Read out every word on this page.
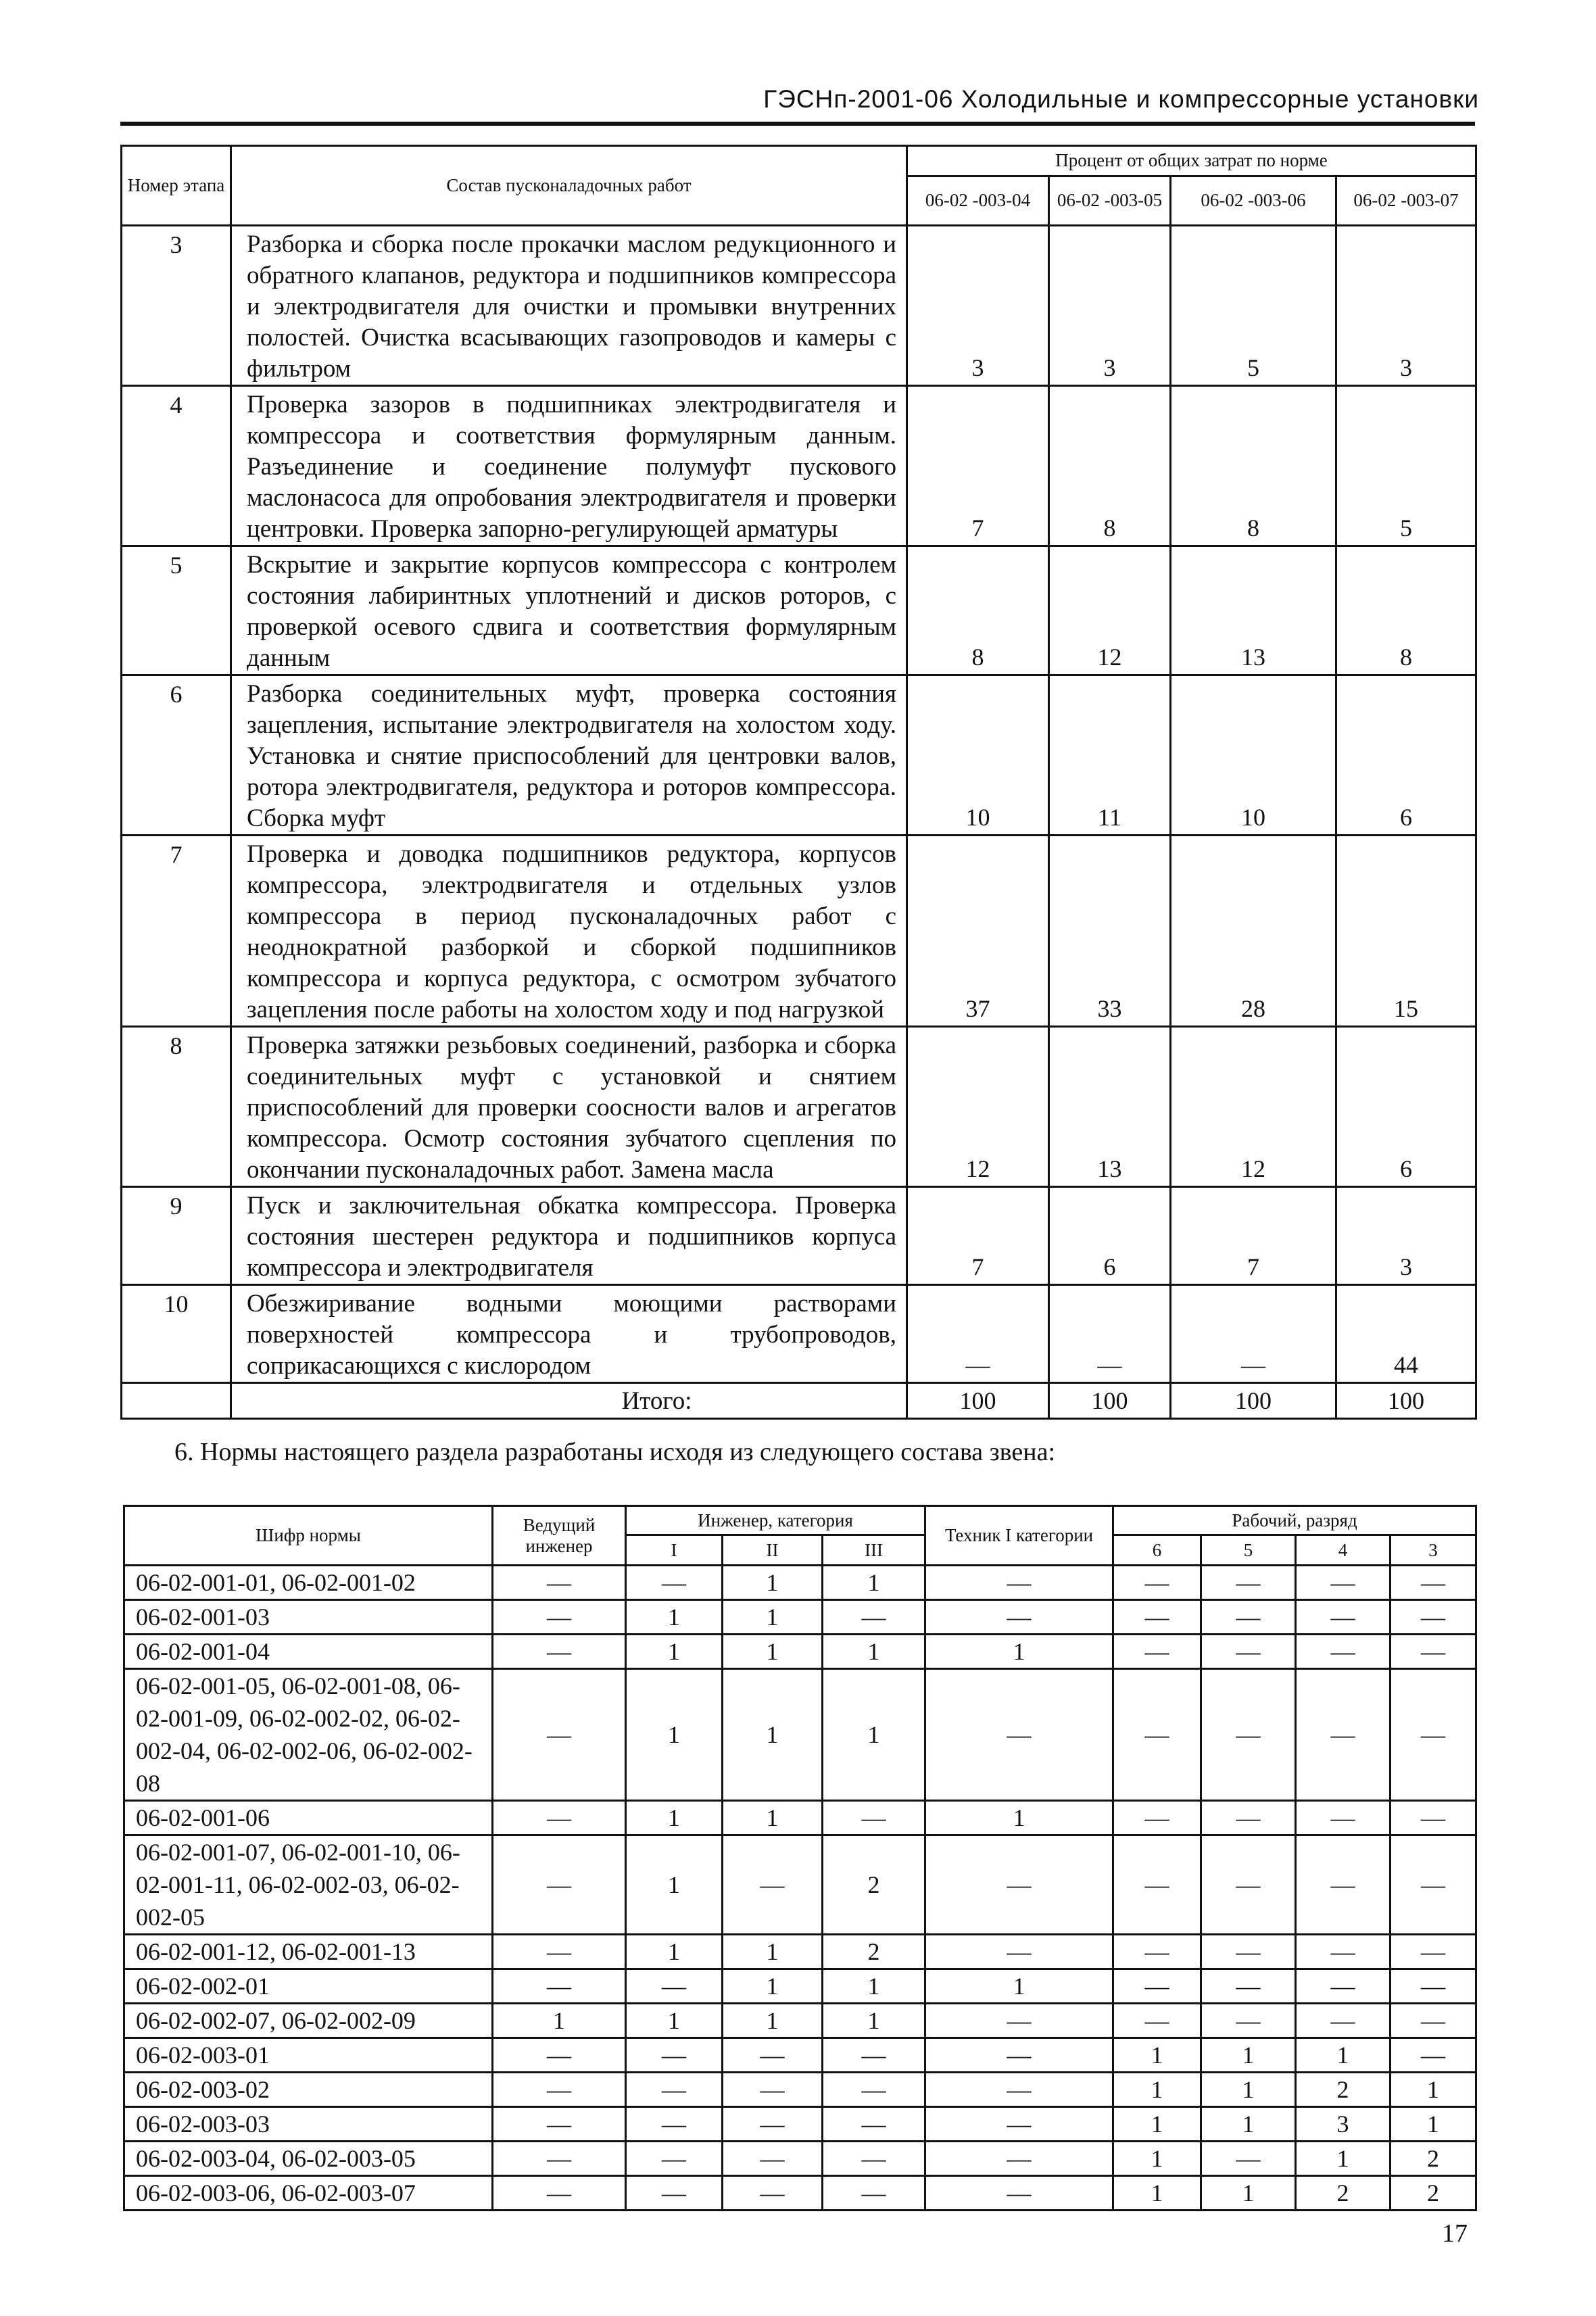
ГЭСНп-2001-06 Холодильные и компрессорные установки
Номер этапа	Состав пусконаладочных работ	Процент от общих затрат по норме			
		06-02 -003-04	06-02 -003-05	06-02 -003-06	06-02 -003-07
3	Разборка и сборка после прокачки маслом редукционного и обратного клапанов, редуктора и подшипников компрессора и электродвигателя для очистки и промывки внутренних полостей. Очистка всасывающих газопроводов и камеры с фильтром	3	3	5	3
4	Проверка зазоров в подшипниках электродвигателя и компрессора и соответствия формулярным данным. Разъединение и соединение полумуфт пускового маслонасоса для опробования электродвигателя и проверки центровки. Проверка запорно-регулирующей арматуры	7	8	8	5
5	Вскрытие и закрытие корпусов компрессора с контролем состояния лабиринтных уплотнений и дисков роторов, с проверкой осевого сдвига и соответствия формулярным данным	8	12	13	8
6	Разборка соединительных муфт, проверка состояния зацепления, испытание электродвигателя на холостом ходу. Установка и снятие приспособлений для центровки валов, ротора электродвигателя, редуктора и роторов компрессора. Сборка муфт	10	11	10	6
7	Проверка и доводка подшипников редуктора, корпусов компрессора, электродвигателя и отдельных узлов компрессора в период пусконаладочных работ с неоднократной разборкой и сборкой подшипников компрессора и корпуса редуктора, с осмотром зубчатого зацепления после работы на холостом ходу и под нагрузкой	37	33	28	15
8	Проверка затяжки резьбовых соединений, разборка и сборка соединительных муфт с установкой и снятием приспособлений для проверки соосности валов и агрегатов компрессора. Осмотр состояния зубчатого сцепления по окончании пусконаладочных работ. Замена масла	12	13	12	6
9	Пуск и заключительная обкатка компрессора. Проверка состояния шестерен редуктора и подшипников корпуса компрессора и электродвигателя	7	6	7	3
10	Обезжиривание водными моющими растворами поверхностей компрессора и трубопроводов, соприкасающихся с кислородом	—	—	—	44
	Итого:	100	100	100	100
6. Нормы настоящего раздела разработаны исходя из следующего состава звена:
Шифр нормы	Ведущий инженер	Инженер, категория			Техник I категории	Рабочий, разряд			
		I	II	III		6	5	4	3
06-02-001-01, 06-02-001-02	—	—	1	1	—	—	—	—	—
06-02-001-03	—	1	1	—	—	—	—	—	—
06-02-001-04	—	1	1	1	1	—	—	—	—
06-02-001-05, 06-02-001-08, 06-02-001-09, 06-02-002-02, 06-02-002-04, 06-02-002-06, 06-02-002-08	—	1	1	1	—	—	—	—	—
06-02-001-06	—	1	1	—	1	—	—	—	—
06-02-001-07, 06-02-001-10, 06-02-001-11, 06-02-002-03, 06-02-002-05	—	1	—	2	—	—	—	—	—
06-02-001-12, 06-02-001-13	—	1	1	2	—	—	—	—	—
06-02-002-01	—	—	1	1	1	—	—	—	—
06-02-002-07, 06-02-002-09	1	1	1	1	—	—	—	—	—
06-02-003-01	—	—	—	—	—	1	1	1	—
06-02-003-02	—	—	—	—	—	1	1	2	1
06-02-003-03	—	—	—	—	—	1	1	3	1
06-02-003-04, 06-02-003-05	—	—	—	—	—	1	—	1	2
06-02-003-06, 06-02-003-07	—	—	—	—	—	1	1	2	2
17
